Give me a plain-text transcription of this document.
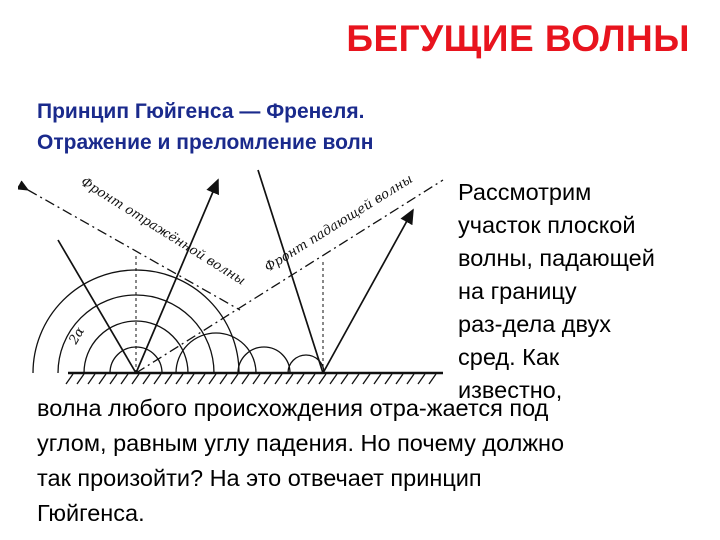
БЕГУЩИЕ ВОЛНЫ
Принцип Гюйгенса — Френеля.
Отражение и преломление волн
Фронт отражённой волны Фронт падающей волны
2α
Рассмотрим
участок плоской
волны, падающей
на границу
раз-дела двух
сред. Как
известно,
волна любого происхождения отра-жается под
углом, равным углу падения. Но почему должно
так произойти? На это отвечает принцип
Гюйгенса.
